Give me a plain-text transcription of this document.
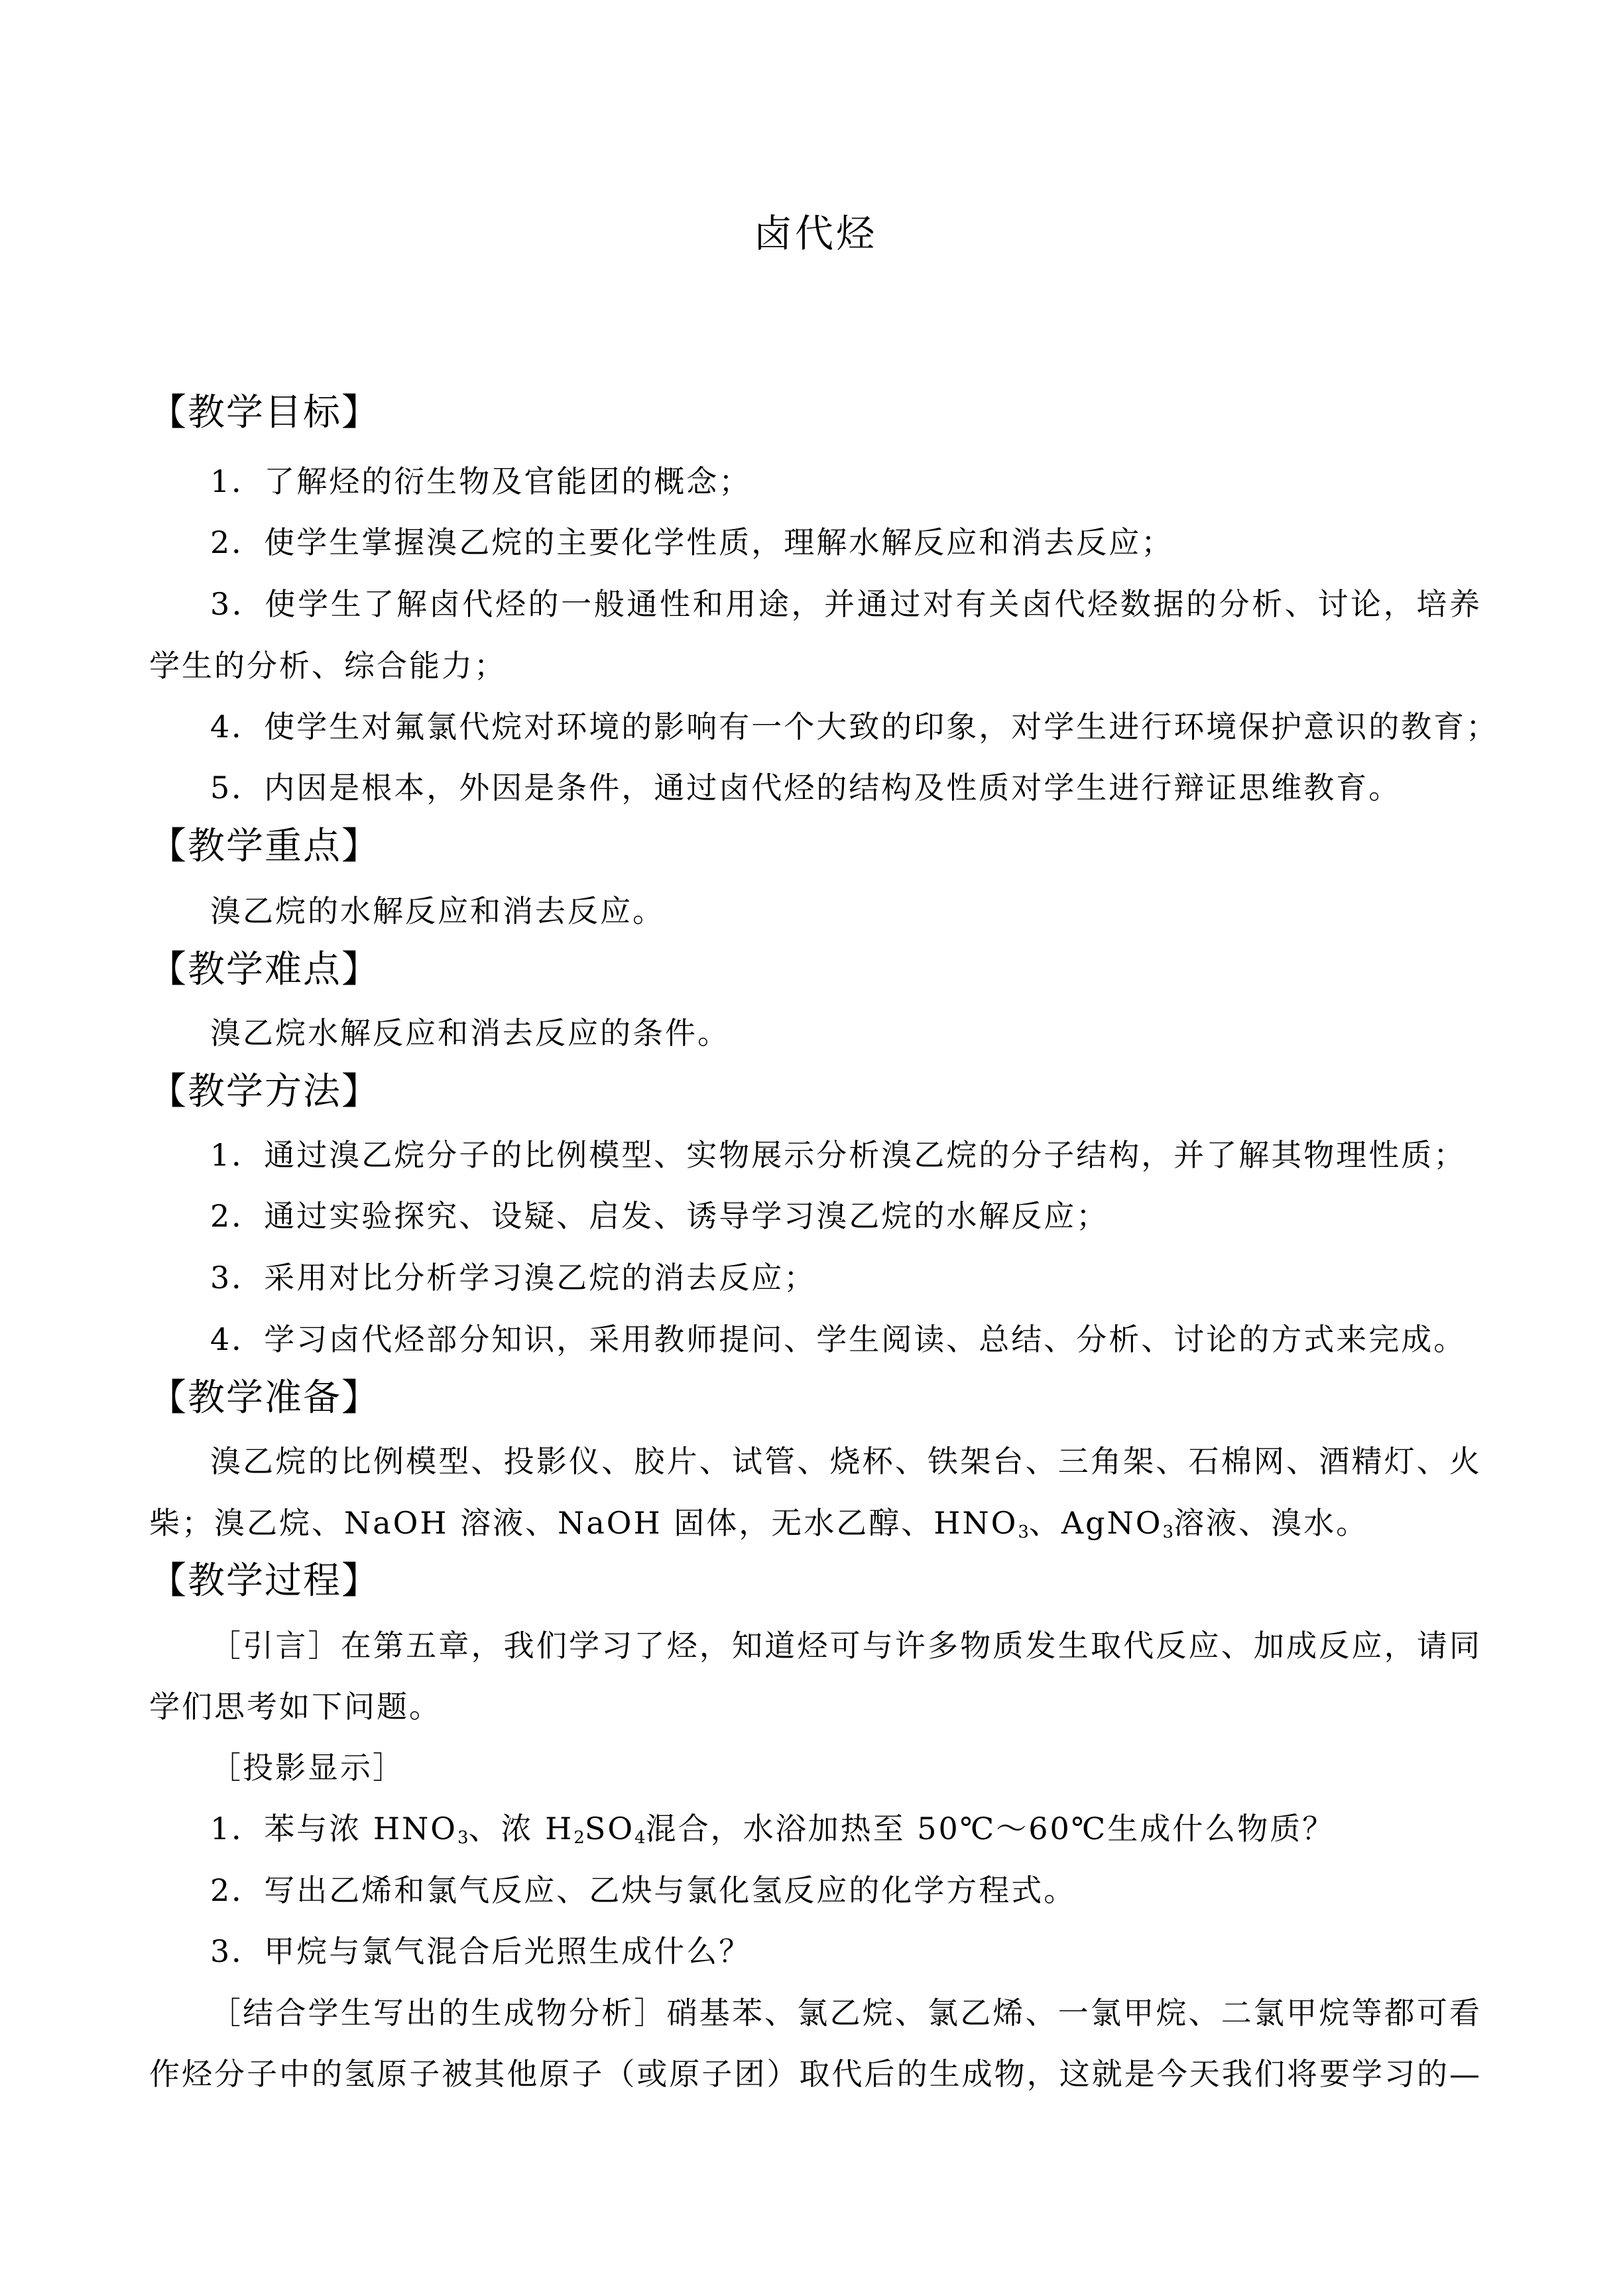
卤代烃
【教学目标】
1．了解烃的衍生物及官能团的概念；
2．使学生掌握溴乙烷的主要化学性质，理解水解反应和消去反应；
3．使学生了解卤代烃的一般通性和用途，并通过对有关卤代烃数据的分析、讨论，培养
学生的分析、综合能力；
4．使学生对氟氯代烷对环境的影响有一个大致的印象，对学生进行环境保护意识的教育；
5．内因是根本，外因是条件，通过卤代烃的结构及性质对学生进行辩证思维教育。
【教学重点】
溴乙烷的水解反应和消去反应。
【教学难点】
溴乙烷水解反应和消去反应的条件。
【教学方法】
1．通过溴乙烷分子的比例模型、实物展示分析溴乙烷的分子结构，并了解其物理性质；
2．通过实验探究、设疑、启发、诱导学习溴乙烷的水解反应；
3．采用对比分析学习溴乙烷的消去反应；
4．学习卤代烃部分知识，采用教师提问、学生阅读、总结、分析、讨论的方式来完成。
【教学准备】
溴乙烷的比例模型、投影仪、胶片、试管、烧杯、铁架台、三角架、石棉网、酒精灯、火
柴；溴乙烷、NaOH 溶液、NaOH 固体，无水乙醇、$HNO_3$、AgNO$_3$溶液、溴水。
【教学过程】
［引言］在第五章，我们学习了烃，知道烃可与许多物质发生取代反应、加成反应，请同
学们思考如下问题。
［投影显示］
1．苯与浓 $HNO_3$、浓 $H_2SO_4$混合，水浴加热至 50℃～60℃生成什么物质？
2．写出乙烯和氯气反应、乙炔与氯化氢反应的化学方程式。
3．甲烷与氯气混合后光照生成什么？
［结合学生写出的生成物分析］硝基苯、氯乙烷、氯乙烯、一氯甲烷、二氯甲烷等都可看
作烃分子中的氢原子被其他原子（或原子团）取代后的生成物，这就是今天我们将要学习的—
